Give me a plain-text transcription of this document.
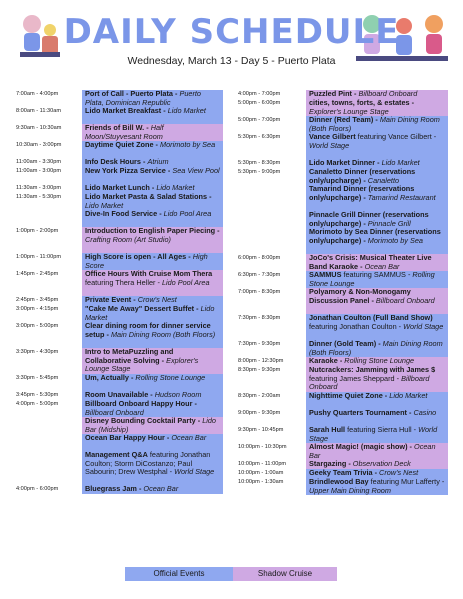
DAILY SCHEDULE
Wednesday, March 13 - Day 5 - Puerto Plata
7:00am - 4:00pm	Port of Call - Puerto Plata - Puerto Plata, Dominican Republic
8:00am - 11:30am	Lido Market Breakfast - Lido Market
9:30am - 10:30am	Friends of Bill W. - Half Moon/Stuyvesant Room
10:30am - 3:00pm	Daytime Quiet Zone - Morimoto by Sea
11:00am - 3:30pm	Info Desk Hours - Atrium
11:00am - 3:00pm	New York Pizza Service - Sea View Pool
11:30am - 3:00pm	Lido Market Lunch - Lido Market
11:30am - 5:30pm	Lido Market Pasta & Salad Stations - Lido Market
Dive-In Food Service - Lido Pool Area
1:00pm - 2:00pm	Introduction to English Paper Piecing - Crafting Room (Art Studio)
1:00pm - 11:00pm	High Score is open - All Ages - High Score
1:45pm - 2:45pm	Office Hours With Cruise Mom Thera featuring Thera Heller - Lido Pool Area
2:45pm - 3:45pm	Private Event - Crow's Nest
3:00pm - 4:15pm	"Cake Me Away" Dessert Buffet - Lido Market
3:00pm - 5:00pm	Clear dining room for dinner service setup - Main Dining Room (Both Floors)
3:30pm - 4:30pm	Intro to MetaPuzzling and Collaborative Solving - Explorer's Lounge Stage
3:30pm - 5:45pm	Um, Actually - Rolling Stone Lounge
3:45pm - 5:30pm	Room Unavailable - Hudson Room
4:00pm - 5:00pm	Billboard Onboard Happy Hour - Billboard Onboard
Disney Bounding Cocktail Party - Lido Bar (Midship)
Ocean Bar Happy Hour - Ocean Bar
Management Q&A featuring Jonathan Coulton; Storm DiCostanzo; Paul Sabourin; Drew Westphal - World Stage
4:00pm - 6:00pm	Bluegrass Jam - Ocean Bar
4:00pm - 7:00pm	Puzzled Pint - Billboard Onboard
5:00pm - 6:00pm	cities, towns, forts, & estates - Explorer's Lounge Stage
5:00pm - 7:00pm	Dinner (Red Team) - Main Dining Room (Both Floors)
5:30pm - 6:30pm	Vance Gilbert featuring Vance Gilbert - World Stage
5:30pm - 8:30pm	Lido Market Dinner - Lido Market
5:30pm - 9:00pm	Canaletto Dinner (reservations only/upcharge) - Canaletto
Tamarind Dinner (reservations only/upcharge) - Tamarind Restaurant
Pinnacle Grill Dinner (reservations only/upcharge) - Pinnacle Grill
Morimoto by Sea Dinner (reservations only/upcharge) - Morimoto by Sea
6:00pm - 8:00pm	JoCo's Crisis: Musical Theater Live Band Karaoke - Ocean Bar
6:30pm - 7:30pm	SAMMUS featuring SAMMUS - Rolling Stone Lounge
7:00pm - 8:30pm	Polyamory & Non-Monogamy Discussion Panel - Billboard Onboard
7:30pm - 8:30pm	Jonathan Coulton (Full Band Show) featuring Jonathan Coulton - World Stage
7:30pm - 9:30pm	Dinner (Gold Team) - Main Dining Room (Both Floors)
8:00pm - 12:30pm	Karaoke - Rolling Stone Lounge
8:30pm - 9:30pm	Nutcrackers: Jamming with James $ featuring James Sheppard - Billboard Onboard
8:30pm - 2:00am	Nighttime Quiet Zone - Lido Market
9:00pm - 9:30pm	Pushy Quarters Tournament - Casino
9:30pm - 10:45pm	Sarah Hull featuring Sierra Hull - World Stage
10:00pm - 10:30pm	Almost Magic! (magic show) - Ocean Bar
10:00pm - 11:00pm	Stargazing - Observation Deck
10:00pm - 1:00am	Geeky Team Trivia - Crow's Nest
10:00pm - 1:30am	Brindlewood Bay featuring Mur Lafferty - Upper Main Dining Room
Official Events	Shadow Cruise
